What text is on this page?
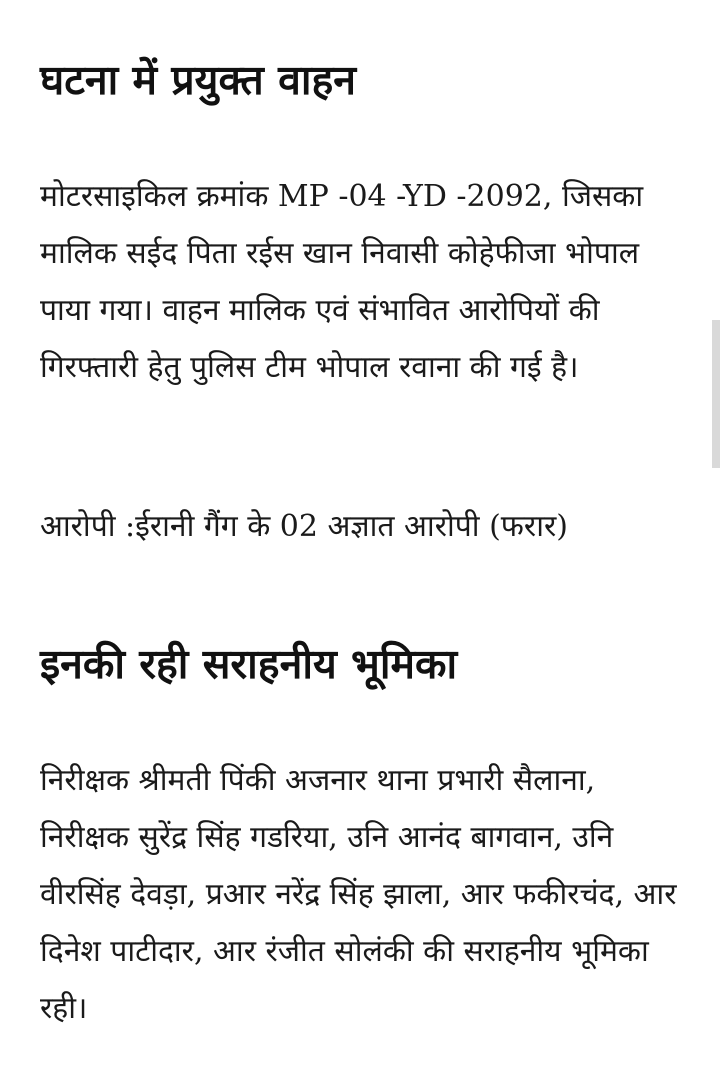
घटना में प्रयुक्त वाहन

मोटरसाइकिल क्रमांक MP -04 -YD -2092, जिसका मालिक सईद पिता रईस खान निवासी कोहेफीजा भोपाल पाया गया। वाहन मालिक एवं संभावित आरोपियों की गिरफ्तारी हेतु पुलिस टीम भोपाल रवाना की गई है।

आरोपी :ईरानी गैंग के 02 अज्ञात आरोपी (फरार)

इनकी रही सराहनीय भूमिका

निरीक्षक श्रीमती पिंकी अजनार थाना प्रभारी सैलाना, निरीक्षक सुरेंद्र सिंह गडरिया, उनि आनंद बागवान, उनि वीरसिंह देवड़ा, प्रआर नरेंद्र सिंह झाला, आर फकीरचंद, आर दिनेश पाटीदार, आर रंजीत सोलंकी की सराहनीय भूमिका रही।
